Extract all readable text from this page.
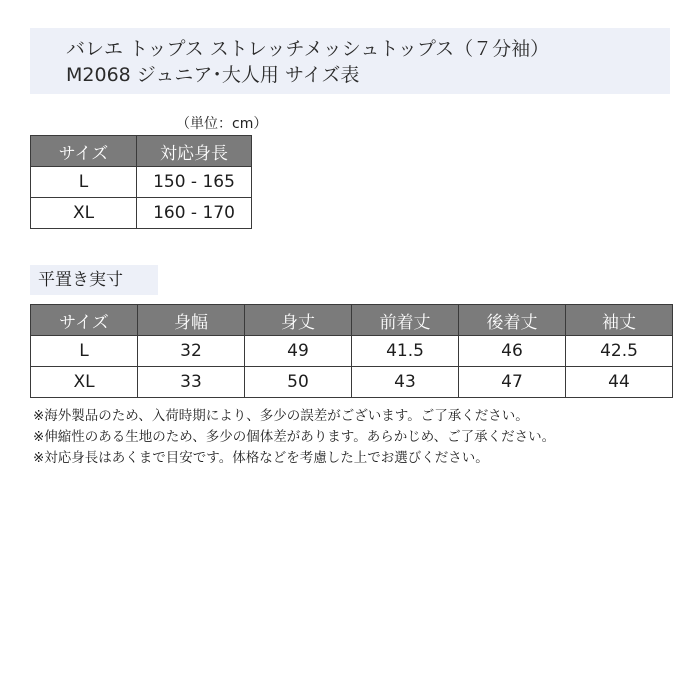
バレエ トップス ストレッチメッシュトップス（７分袖）
M2068 ジュニア･大人用 サイズ表
（単位：cm）
サイズ	対応身長
L	150 - 165
XL	160 - 170
平置き実寸
サイズ	身幅	身丈	前着丈	後着丈	袖丈
L	32	49	41.5	46	42.5
XL	33	50	43	47	44
※海外製品のため、入荷時期により、多少の誤差がございます。ご了承ください。
※伸縮性のある生地のため、多少の個体差があります。あらかじめ、ご了承ください。
※対応身長はあくまで目安です。体格などを考慮した上でお選びください。
